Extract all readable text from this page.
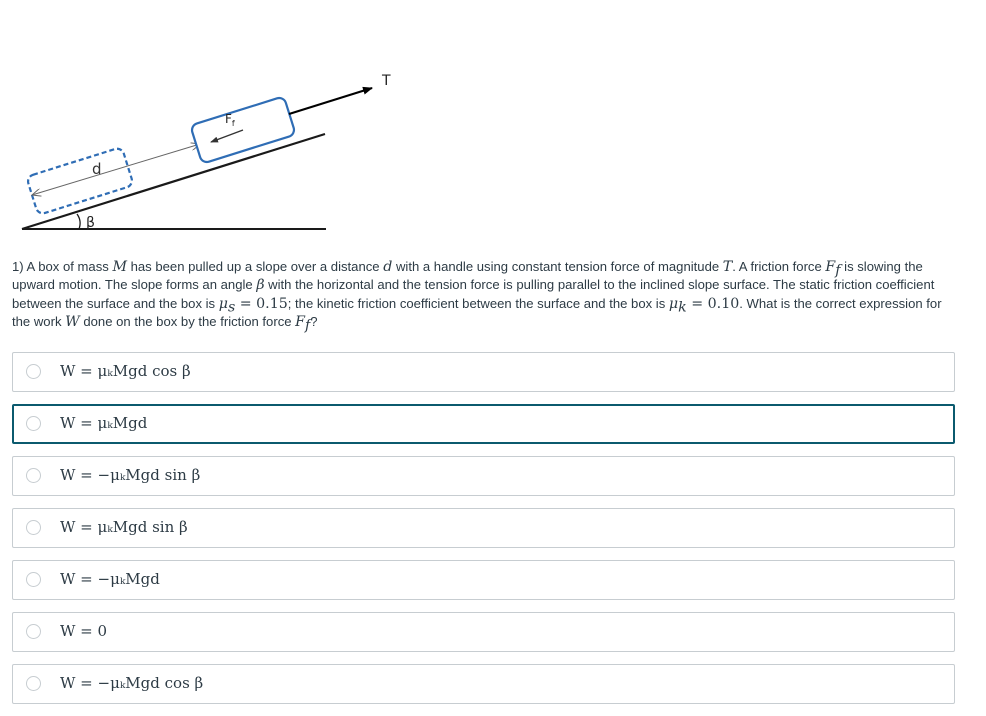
β
d
$F_f$
T
1) A box of mass M has been pulled up a slope over a distance d with a handle using constant tension force of magnitude T. A friction force $F_f$ is slowing the upward motion. The slope forms an angle β with the horizontal and the tension force is pulling parallel to the inclined slope surface. The static friction coefficient between the surface and the box is $\mu_s = 0.15$; the kinetic friction coefficient between the surface and the box is $\mu_k = 0.10$. What is the correct expression for the work W done on the box by the friction force $F_f$?
W = μₖMgd cos β
W = μₖMgd
W = −μₖMgd sin β
W = μₖMgd sin β
W = −μₖMgd
W = 0
W = −μₖMgd cos β
